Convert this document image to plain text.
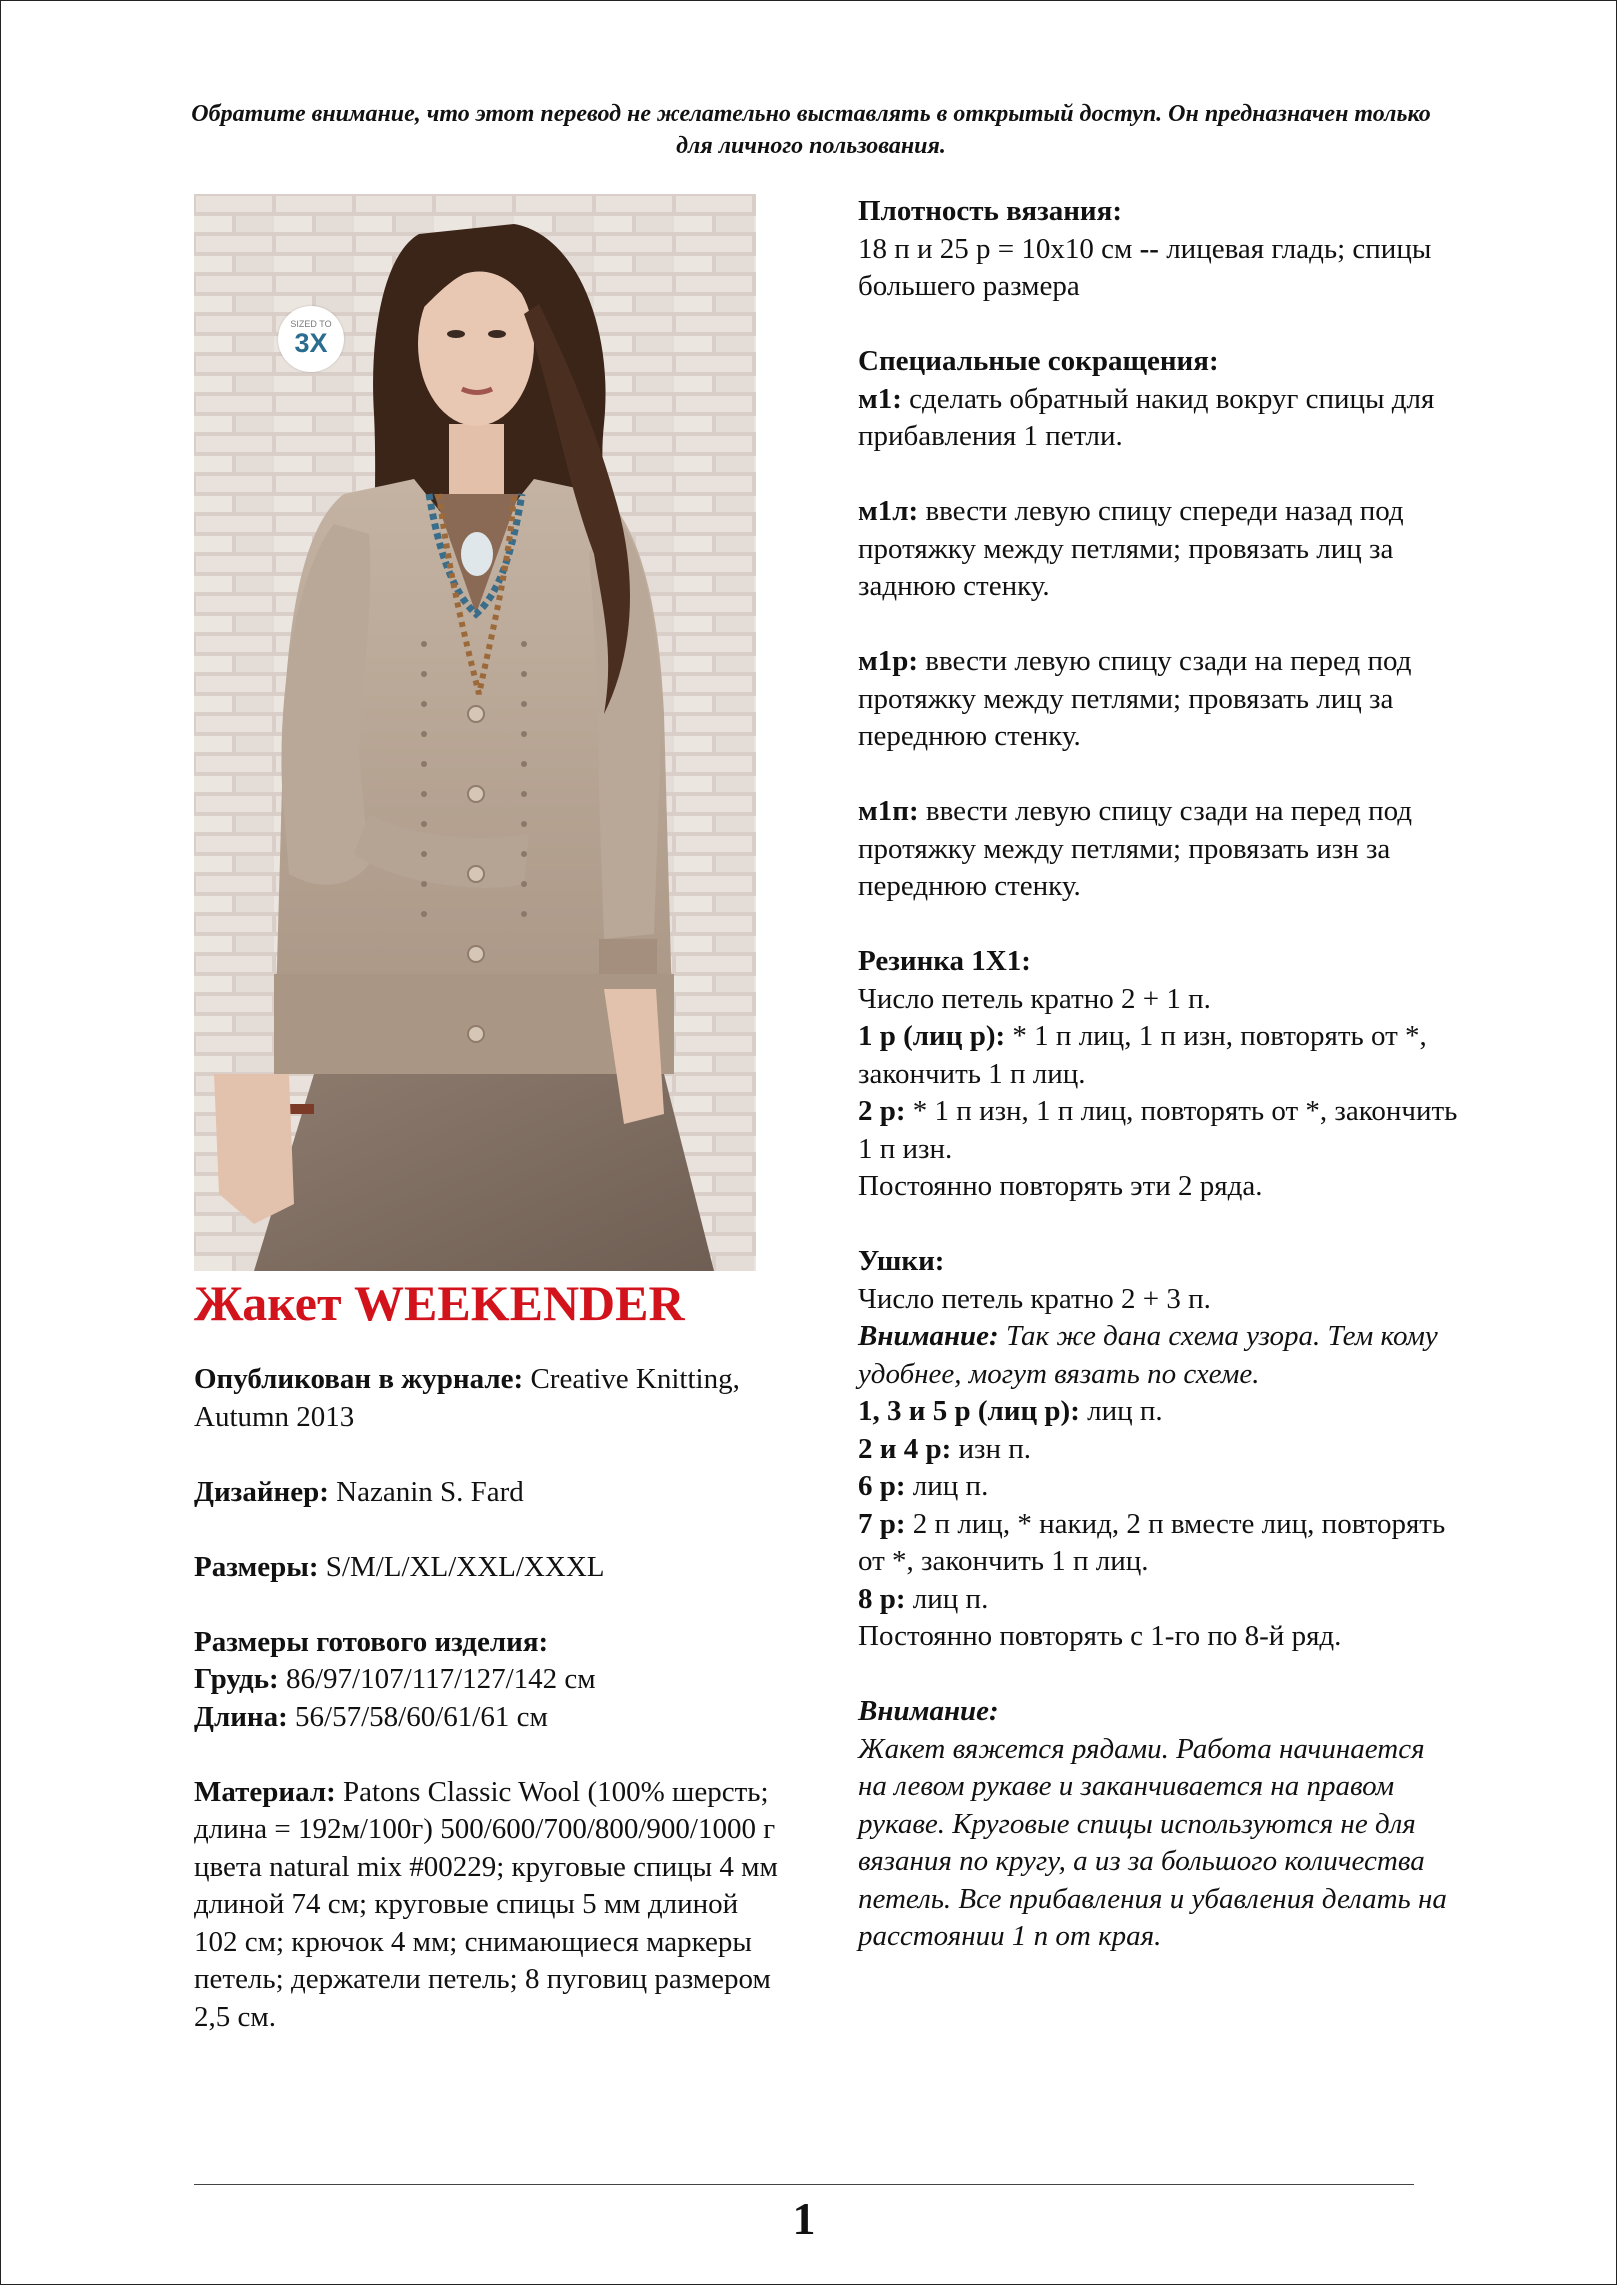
Обратите внимание, что этот перевод не желательно выставлять в открытый доступ. Он предназначен только для личного пользования.
SIZED TO
3X
Жакет WEEKENDER

Опубликован в журнале: Creative Knitting, Autumn 2013

Дизайнер: Nazanin S. Fard

Размеры: S/M/L/XL/XXL/XXXL

Размеры готового изделия:

Грудь: 86/97/107/117/127/142 см

Длина: 56/57/58/60/61/61 см

Материал: Patons Classic Wool (100% шерсть; длина = 192м/100г) 500/600/700/800/900/1000 г цвета natural mix #00229; круговые спицы 4 мм длиной 74 см; круговые спицы 5 мм длиной 102 см; крючок 4 мм; снимающиеся маркеры петель; держатели петель; 8 пуговиц размером 2,5 см.

Плотность вязания:

18 п и 25 р = 10х10 см -- лицевая гладь; спицы большего размера

Специальные сокращения:

м1: сделать обратный накид вокруг спицы для прибавления 1 петли.

м1л: ввести левую спицу спереди назад под протяжку между петлями; провязать лиц за заднюю стенку.

м1р: ввести левую спицу сзади на перед под протяжку между петлями; провязать лиц за переднюю стенку.

м1п: ввести левую спицу сзади на перед под протяжку между петлями; провязать изн за переднюю стенку.

Резинка 1Х1:

Число петель кратно 2 + 1 п.

1 р (лиц р): * 1 п лиц, 1 п изн, повторять от *, закончить 1 п лиц.

2 р: * 1 п изн, 1 п лиц, повторять от *, закончить 1 п изн.

Постоянно повторять эти 2 ряда.

Ушки:

Число петель кратно 2 + 3 п.

Внимание: Так же дана схема узора. Тем кому удобнее, могут вязать по схеме.

1, 3 и 5 р (лиц р): лиц п.

2 и 4 р: изн п.

6 р: лиц п.

7 р: 2 п лиц, * накид, 2 п вместе лиц, повторять от *, закончить 1 п лиц.

8 р: лиц п.

Постоянно повторять с 1-го по 8-й ряд.

Внимание:

Жакет вяжется рядами. Работа начинается на левом рукаве и заканчивается на правом рукаве. Круговые спицы используются не для вязания по кругу, а из за большого количества петель. Все прибавления и убавления делать на расстоянии 1 п от края.

1
